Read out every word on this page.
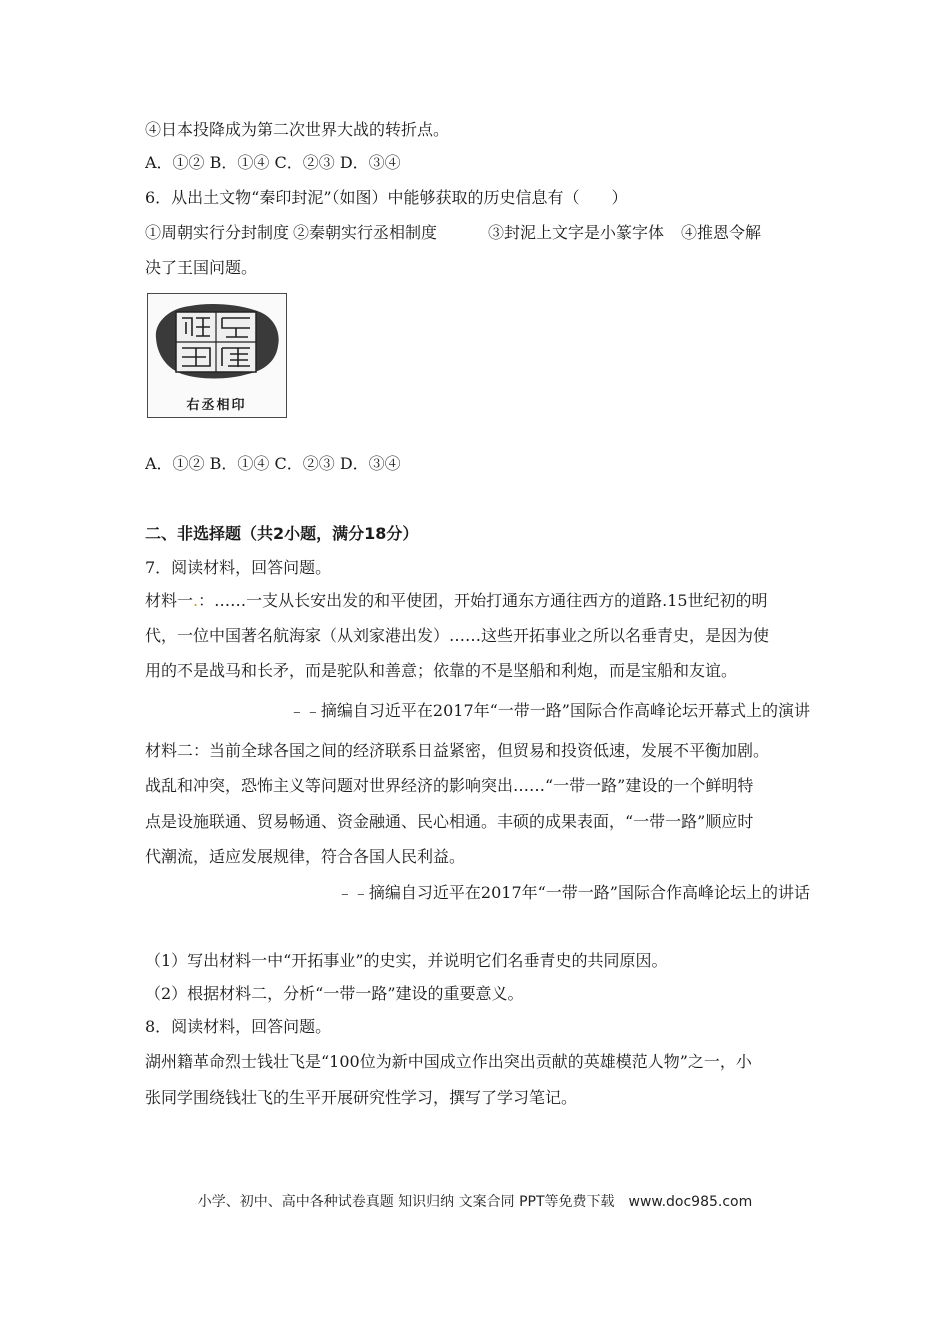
④日本投降成为第二次世界大战的转折点。
A．①② B．①④ C．②③ D．③④
6．从出土文物“秦印封泥”（如图）中能够获取的历史信息有（　　）
①周朝实行分封制度 ②秦朝实行丞相制度	③封泥上文字是小篆字体 ④推恩令解
决了王国问题。
右丞相印
A．①② B．①④ C．②③ D．③④
二、非选择题（共2小题，满分18分）
7．阅读材料，回答问题。
材料一.：……一支从长安出发的和平使团，开始打通东方通往西方的道路.15世纪初的明
代，一位中国著名航海家（从刘家港出发）……这些开拓事业之所以名垂青史，是因为使
用的不是战马和长矛，而是驼队和善意；依靠的不是坚船和利炮，而是宝船和友谊。
﹣﹣摘编自习近平在2017年“一带一路”国际合作高峰论坛开幕式上的演讲
材料二：当前全球各国之间的经济联系日益紧密，但贸易和投资低速，发展不平衡加剧。
战乱和冲突，恐怖主义等问题对世界经济的影响突出……“一带一路”建设的一个鲜明特
点是设施联通、贸易畅通、资金融通、民心相通。丰硕的成果表面，“一带一路”顺应时
代潮流，适应发展规律，符合各国人民利益。
﹣﹣摘编自习近平在2017年“一带一路”国际合作高峰论坛上的讲话
（1）写出材料一中“开拓事业”的史实，并说明它们名垂青史的共同原因。
（2）根据材料二，分析“一带一路”建设的重要意义。
8．阅读材料，回答问题。
湖州籍革命烈士钱壮飞是“100位为新中国成立作出突出贡献的英雄模范人物”之一，小
张同学围绕钱壮飞的生平开展研究性学习，撰写了学习笔记。
小学、初中、高中各种试卷真题 知识归纳 文案合同 PPT等免费下载　www.doc985.com
